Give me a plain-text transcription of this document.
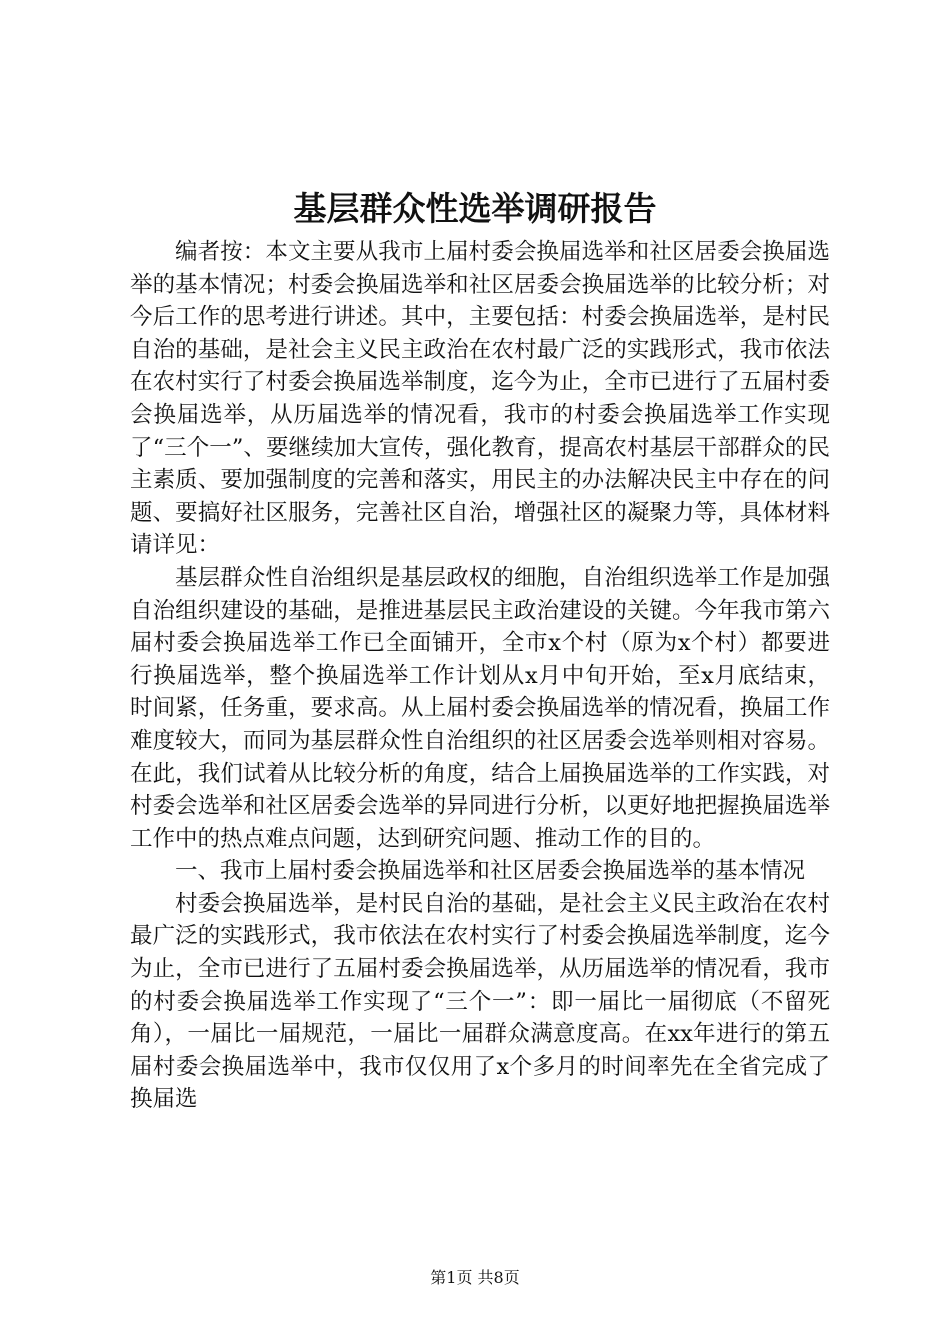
基层群众性选举调研报告

编者按：本文主要从我市上届村委会换届选举和社区居委会换届选举的基本情况；村委会换届选举和社区居委会换届选举的比较分析；对今后工作的思考进行讲述。其中，主要包括：村委会换届选举，是村民自治的基础，是社会主义民主政治在农村最广泛的实践形式，我市依法在农村实行了村委会换届选举制度，迄今为止，全市已进行了五届村委会换届选举，从历届选举的情况看，我市的村委会换届选举工作实现了“三个一”、要继续加大宣传，强化教育，提高农村基层干部群众的民主素质、要加强制度的完善和落实，用民主的办法解决民主中存在的问题、要搞好社区服务，完善社区自治，增强社区的凝聚力等，具体材料请详见：

基层群众性自治组织是基层政权的细胞，自治组织选举工作是加强自治组织建设的基础，是推进基层民主政治建设的关键。今年我市第六届村委会换届选举工作已全面铺开，全市x个村（原为x个村）都要进行换届选举，整个换届选举工作计划从x月中旬开始，至x月底结束，时间紧，任务重，要求高。从上届村委会换届选举的情况看，换届工作难度较大，而同为基层群众性自治组织的社区居委会选举则相对容易。在此，我们试着从比较分析的角度，结合上届换届选举的工作实践，对村委会选举和社区居委会选举的异同进行分析，以更好地把握换届选举工作中的热点难点问题，达到研究问题、推动工作的目的。

一、我市上届村委会换届选举和社区居委会换届选举的基本情况

村委会换届选举，是村民自治的基础，是社会主义民主政治在农村最广泛的实践形式，我市依法在农村实行了村委会换届选举制度，迄今为止，全市已进行了五届村委会换届选举，从历届选举的情况看，我市的村委会换届选举工作实现了“三个一”：即一届比一届彻底（不留死角），一届比一届规范，一届比一届群众满意度高。在xx年进行的第五届村委会换届选举中，我市仅仅用了x个多月的时间率先在全省完成了换届选

第1页 共8页
